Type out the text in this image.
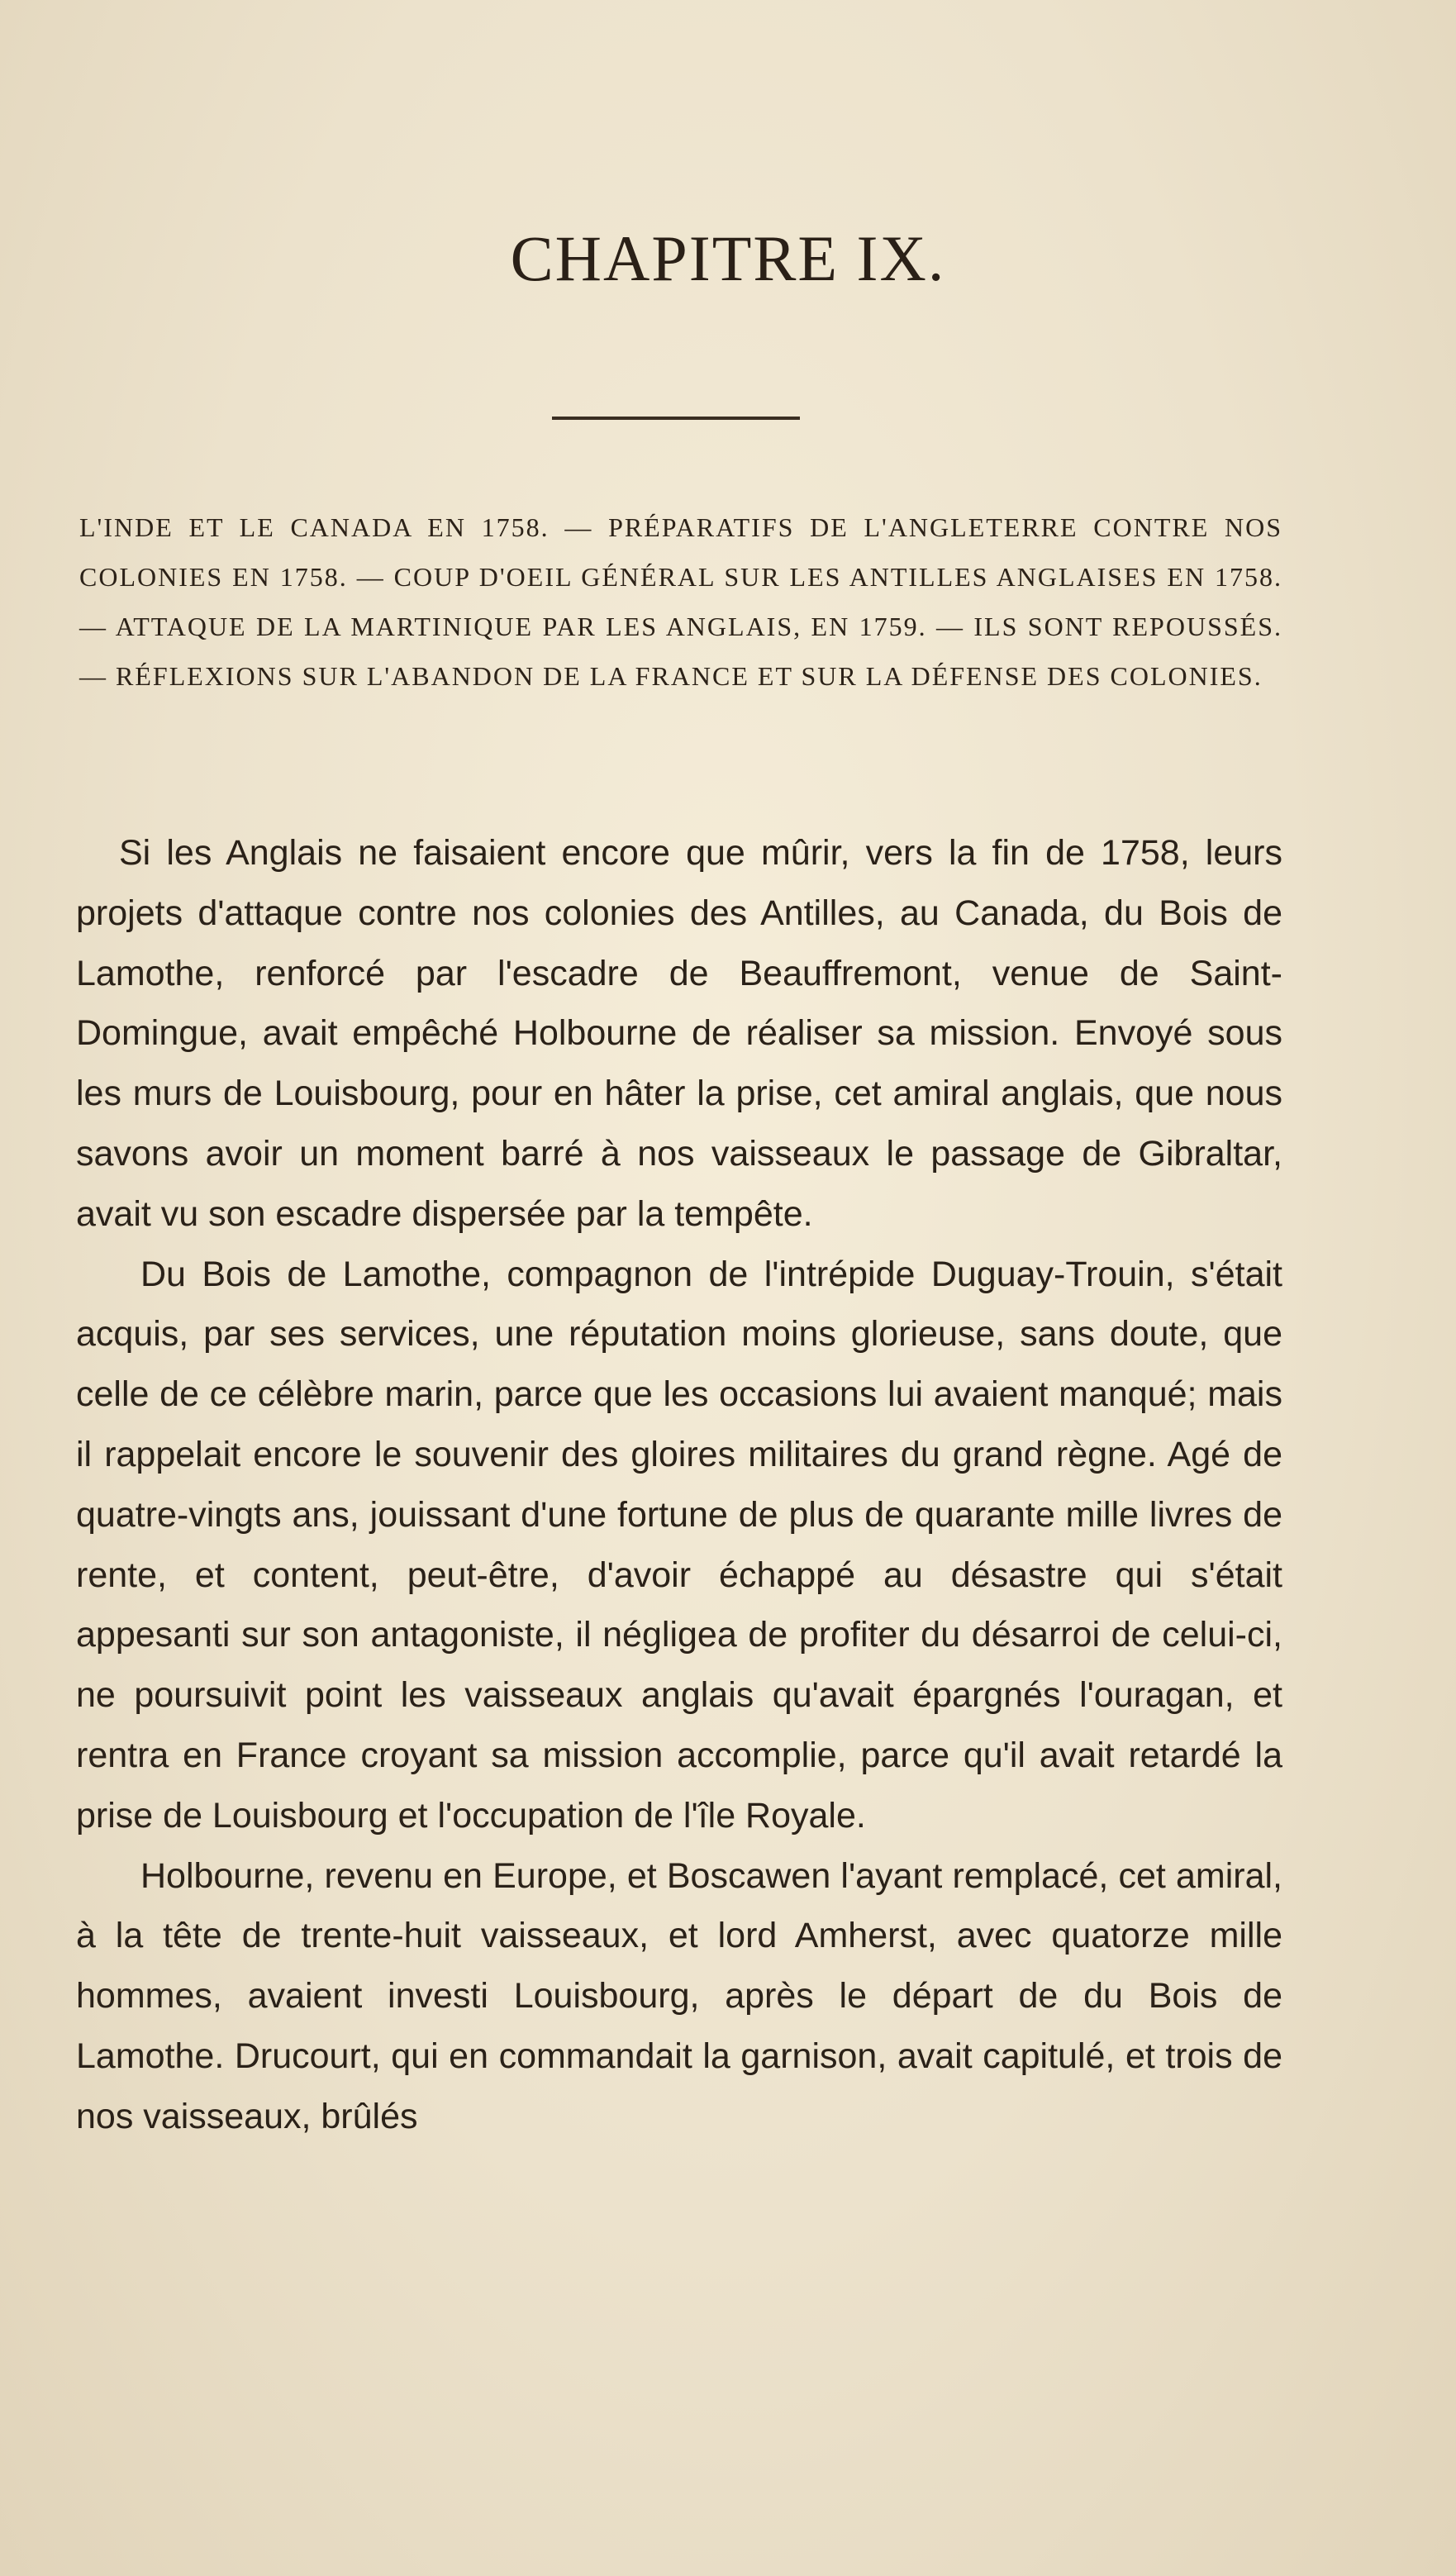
CHAPITRE IX.
L'INDE ET LE CANADA EN 1758. — PRÉPARATIFS DE L'ANGLETERRE CONTRE NOS COLONIES EN 1758. — COUP D'OEIL GÉNÉRAL SUR LES ANTILLES ANGLAISES EN 1758. — ATTAQUE DE LA MARTINIQUE PAR LES ANGLAIS, EN 1759. — ILS SONT REPOUSSÉS. — RÉFLEXIONS SUR L'ABANDON DE LA FRANCE ET SUR LA DÉFENSE DES COLONIES.

Si les Anglais ne faisaient encore que mûrir, vers la fin de 1758, leurs projets d'attaque contre nos colonies des Antilles, au Canada, du Bois de Lamothe, renforcé par l'escadre de Beauffremont, venue de Saint-Domingue, avait empêché Holbourne de réaliser sa mission. Envoyé sous les murs de Louisbourg, pour en hâter la prise, cet amiral anglais, que nous savons avoir un moment barré à nos vaisseaux le passage de Gibraltar, avait vu son escadre dispersée par la tempête.

Du Bois de Lamothe, compagnon de l'intrépide Duguay-Trouin, s'était acquis, par ses services, une réputation moins glorieuse, sans doute, que celle de ce célèbre marin, parce que les occasions lui avaient manqué; mais il rappelait encore le souvenir des gloires militaires du grand règne. Agé de quatre-vingts ans, jouissant d'une fortune de plus de quarante mille livres de rente, et content, peut-être, d'avoir échappé au désastre qui s'était appesanti sur son antagoniste, il négligea de profiter du désarroi de celui-ci, ne poursuivit point les vaisseaux anglais qu'avait épargnés l'ouragan, et rentra en France croyant sa mission accomplie, parce qu'il avait retardé la prise de Louisbourg et l'occupation de l'île Royale.

Holbourne, revenu en Europe, et Boscawen l'ayant remplacé, cet amiral, à la tête de trente-huit vaisseaux, et lord Amherst, avec quatorze mille hommes, avaient investi Louisbourg, après le départ de du Bois de Lamothe. Drucourt, qui en commandait la garnison, avait capitulé, et trois de nos vaisseaux, brûlés
